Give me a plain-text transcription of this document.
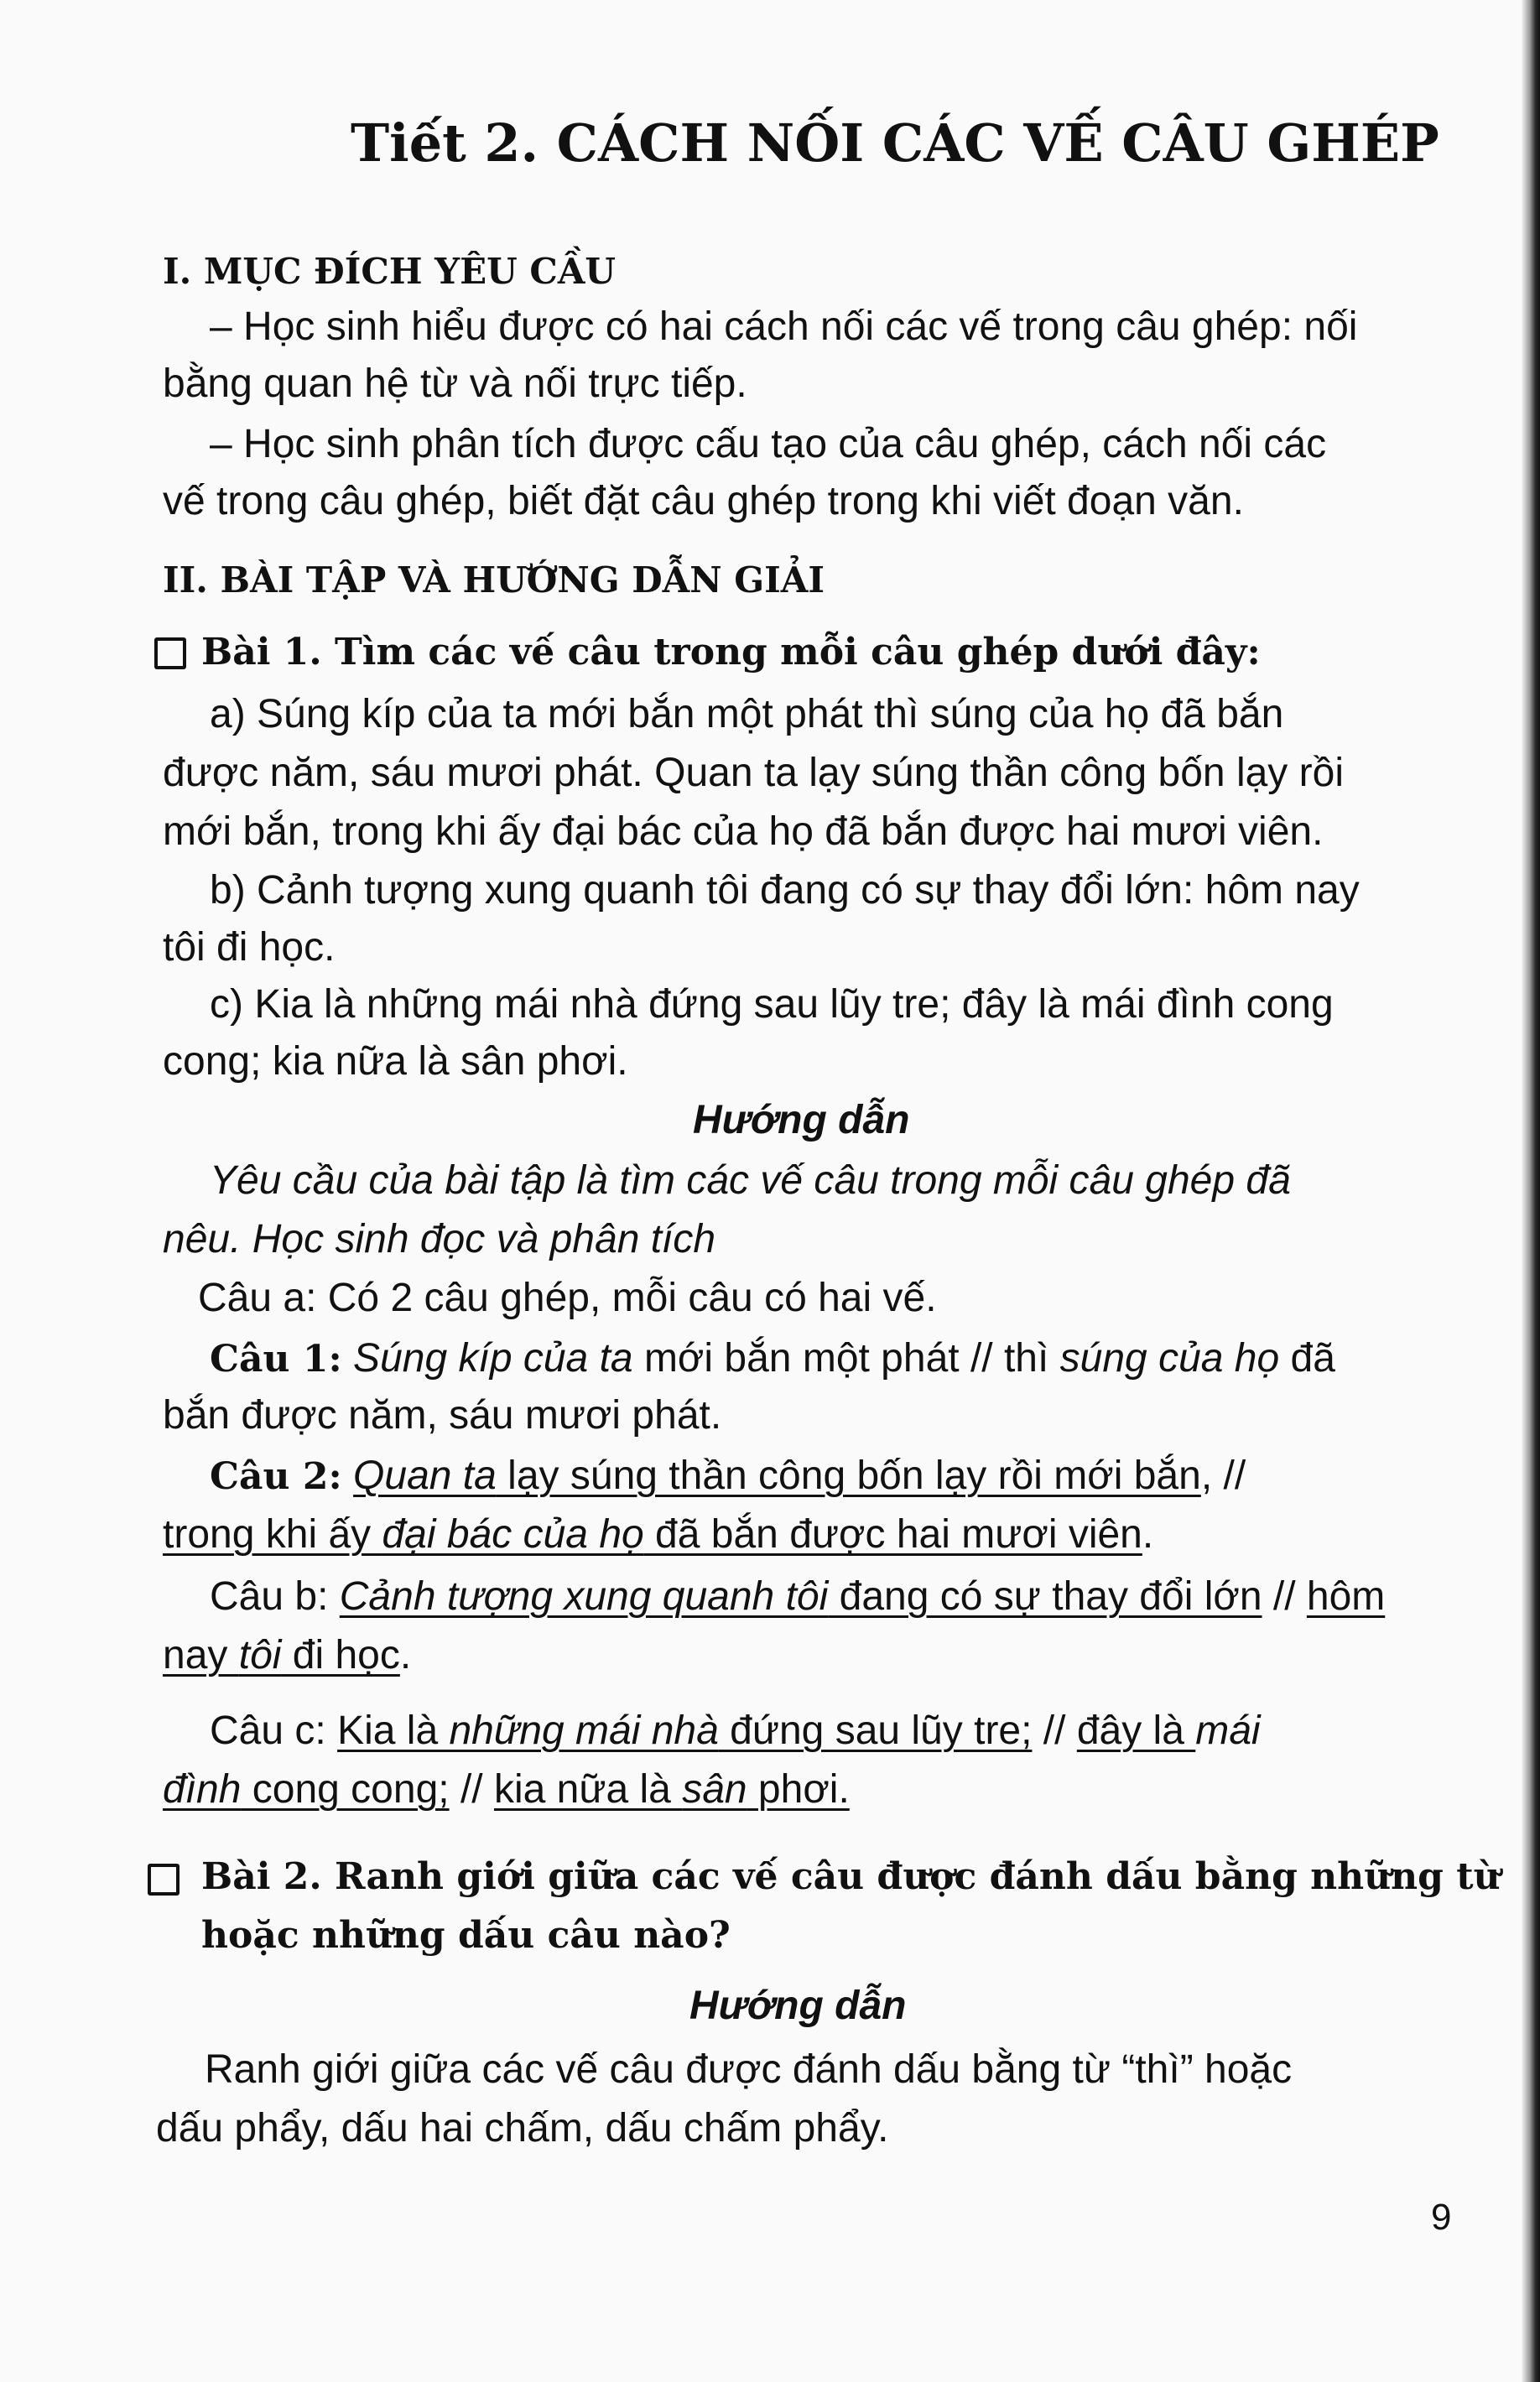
Tiết 2. CÁCH NỐI CÁC VẾ CÂU GHÉP
I. MỤC ĐÍCH YÊU CẦU
– Học sinh hiểu được có hai cách nối các vế trong câu ghép: nối
bằng quan hệ từ và nối trực tiếp.
– Học sinh phân tích được cấu tạo của câu ghép, cách nối các
vế trong câu ghép, biết đặt câu ghép trong khi viết đoạn văn.
II. BÀI TẬP VÀ HƯỚNG DẪN GIẢI
Bài 1. Tìm các vế câu trong mỗi câu ghép dưới đây:
a) Súng kíp của ta mới bắn một phát thì súng của họ đã bắn
được năm, sáu mươi phát. Quan ta lạy súng thần công bốn lạy rồi
mới bắn, trong khi ấy đại bác của họ đã bắn được hai mươi viên.
b) Cảnh tượng xung quanh tôi đang có sự thay đổi lớn: hôm nay
tôi đi học.
c) Kia là những mái nhà đứng sau lũy tre; đây là mái đình cong
cong; kia nữa là sân phơi.
Hướng dẫn
Yêu cầu của bài tập là tìm các vế câu trong mỗi câu ghép đã
nêu. Học sinh đọc và phân tích
Câu a: Có 2 câu ghép, mỗi câu có hai vế.
Câu 1: Súng kíp của ta mới bắn một phát // thì súng của họ đã
bắn được năm, sáu mươi phát.
Câu 2: Quan ta lạy súng thần công bốn lạy rồi mới bắn, //
trong khi ấy đại bác của họ đã bắn được hai mươi viên.
Câu b: Cảnh tượng xung quanh tôi đang có sự thay đổi lớn // hôm
nay tôi đi học.
Câu c: Kia là những mái nhà đứng sau lũy tre; // đây là mái
đình cong cong; // kia nữa là sân phơi.
Bài 2. Ranh giới giữa các vế câu được đánh dấu bằng những từ
hoặc những dấu câu nào?
Hướng dẫn
Ranh giới giữa các vế câu được đánh dấu bằng từ “thì” hoặc
dấu phẩy, dấu hai chấm, dấu chấm phẩy.
9
